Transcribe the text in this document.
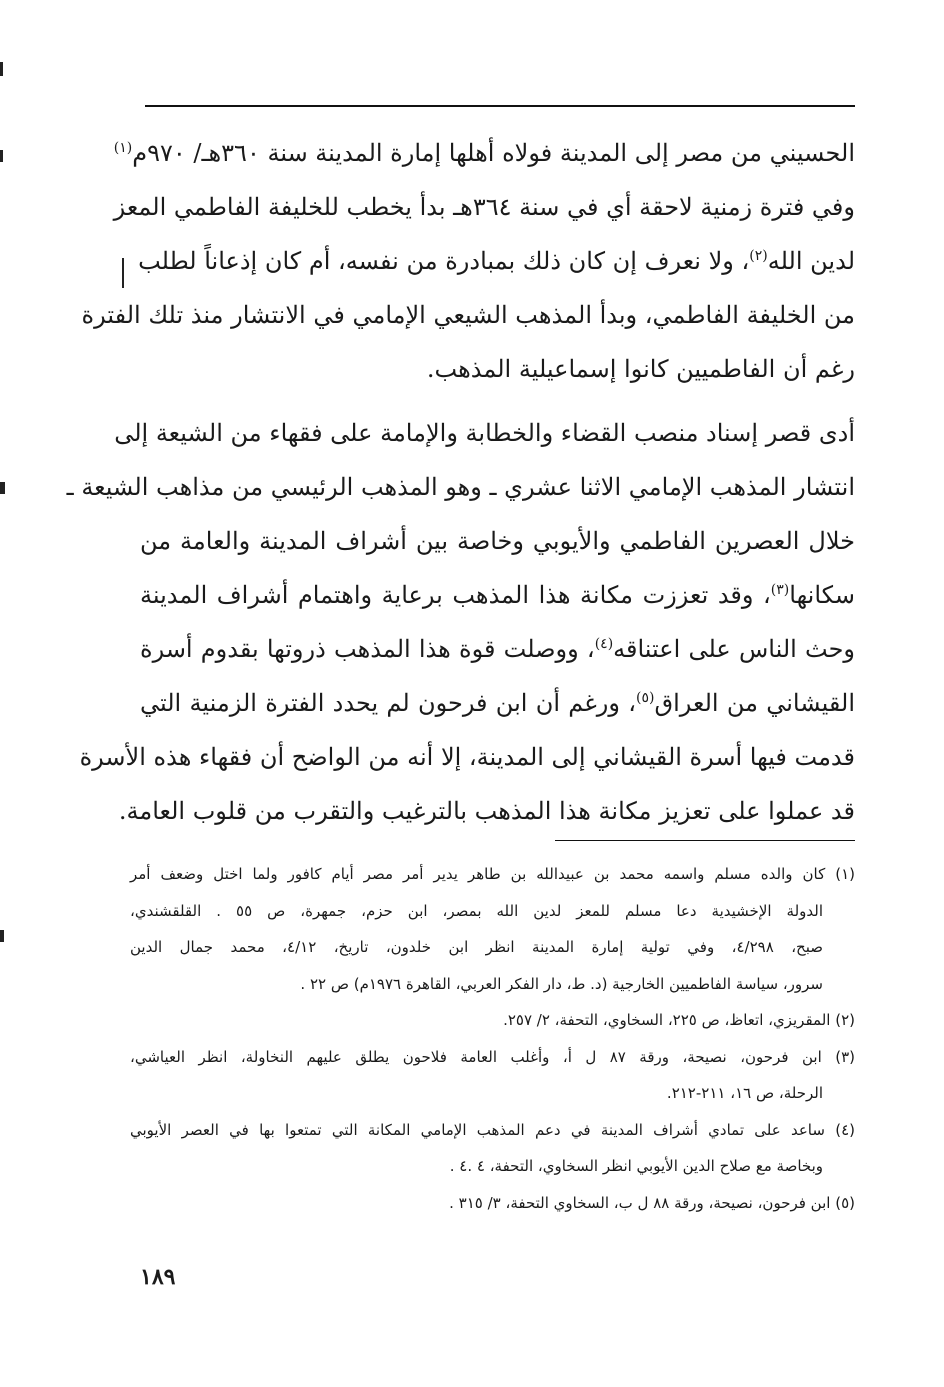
الحسيني من مصر إلى المدينة فولاه أهلها إمارة المدينة سنة ٣٦٠هـ/ ٩٧٠م$^{(١)}$
وفي فترة زمنية لاحقة أي في سنة ٣٦٤هـ بدأ يخطب للخليفة الفاطمي المعز
لدين الله$^{(٢)}$، ولا نعرف إن كان ذلك بمبادرة من نفسه، أم كان إذعاناً لطلب
من الخليفة الفاطمي، وبدأ المذهب الشيعي الإمامي في الانتشار منذ تلك الفترة
رغم أن الفاطميين كانوا إسماعيلية المذهب.

أدى قصر إسناد منصب القضاء والخطابة والإمامة على فقهاء من الشيعة إلى
انتشار المذهب الإمامي الاثنا عشري ـ وهو المذهب الرئيسي من مذاهب الشيعة ـ
خلال العصرين الفاطمي والأيوبي وخاصة بين أشراف المدينة والعامة من
سكانها$^{(٣)}$، وقد تعززت مكانة هذا المذهب برعاية واهتمام أشراف المدينة
وحث الناس على اعتناقه$^{(٤)}$، ووصلت قوة هذا المذهب ذروتها بقدوم أسرة
القيشاني من العراق$^{(٥)}$، ورغم أن ابن فرحون لم يحدد الفترة الزمنية التي
قدمت فيها أسرة القيشاني إلى المدينة، إلا أنه من الواضح أن فقهاء هذه الأسرة
قد عملوا على تعزيز مكانة هذا المذهب بالترغيب والتقرب من قلوب العامة.

(١) كان والده مسلم واسمه محمد بن عبيدالله بن طاهر يدير أمر مصر أيام كافور ولما اختل وضعف أمر
الدولة الإخشيدية دعا مسلم للمعز لدين الله بمصر، ابن حزم، جمهرة، ص ٥٥ . القلقشندي،
صبح، ٤/٢٩٨، وفي تولية إمارة المدينة انظر ابن خلدون، تاريخ، ٤/١٢، محمد جمال الدين
سرور، سياسة الفاطميين الخارجية (د. ط، دار الفكر العربي، القاهرة ١٩٧٦م) ص ٢٢ .
(٢) المقريزي، اتعاظ، ص ٢٢٥، السخاوي، التحفة، ٢/ ٢٥٧.
(٣) ابن فرحون، نصيحة، ورقة ٨٧ ل أ، وأغلب العامة فلاحون يطلق عليهم النخاولة، انظر العياشي،
الرحلة، ص ١٦، ٢١١-٢١٢.
(٤) ساعد على تمادي أشراف المدينة في دعم المذهب الإمامي المكانة التي تمتعوا بها في العصر الأيوبي
وبخاصة مع صلاح الدين الأيوبي انظر السخاوي، التحفة، ٤ .٤ .
(٥) ابن فرحون، نصيحة، ورقة ٨٨ ل ب، السخاوي التحفة، ٣/ ٣١٥ .
١٨٩
